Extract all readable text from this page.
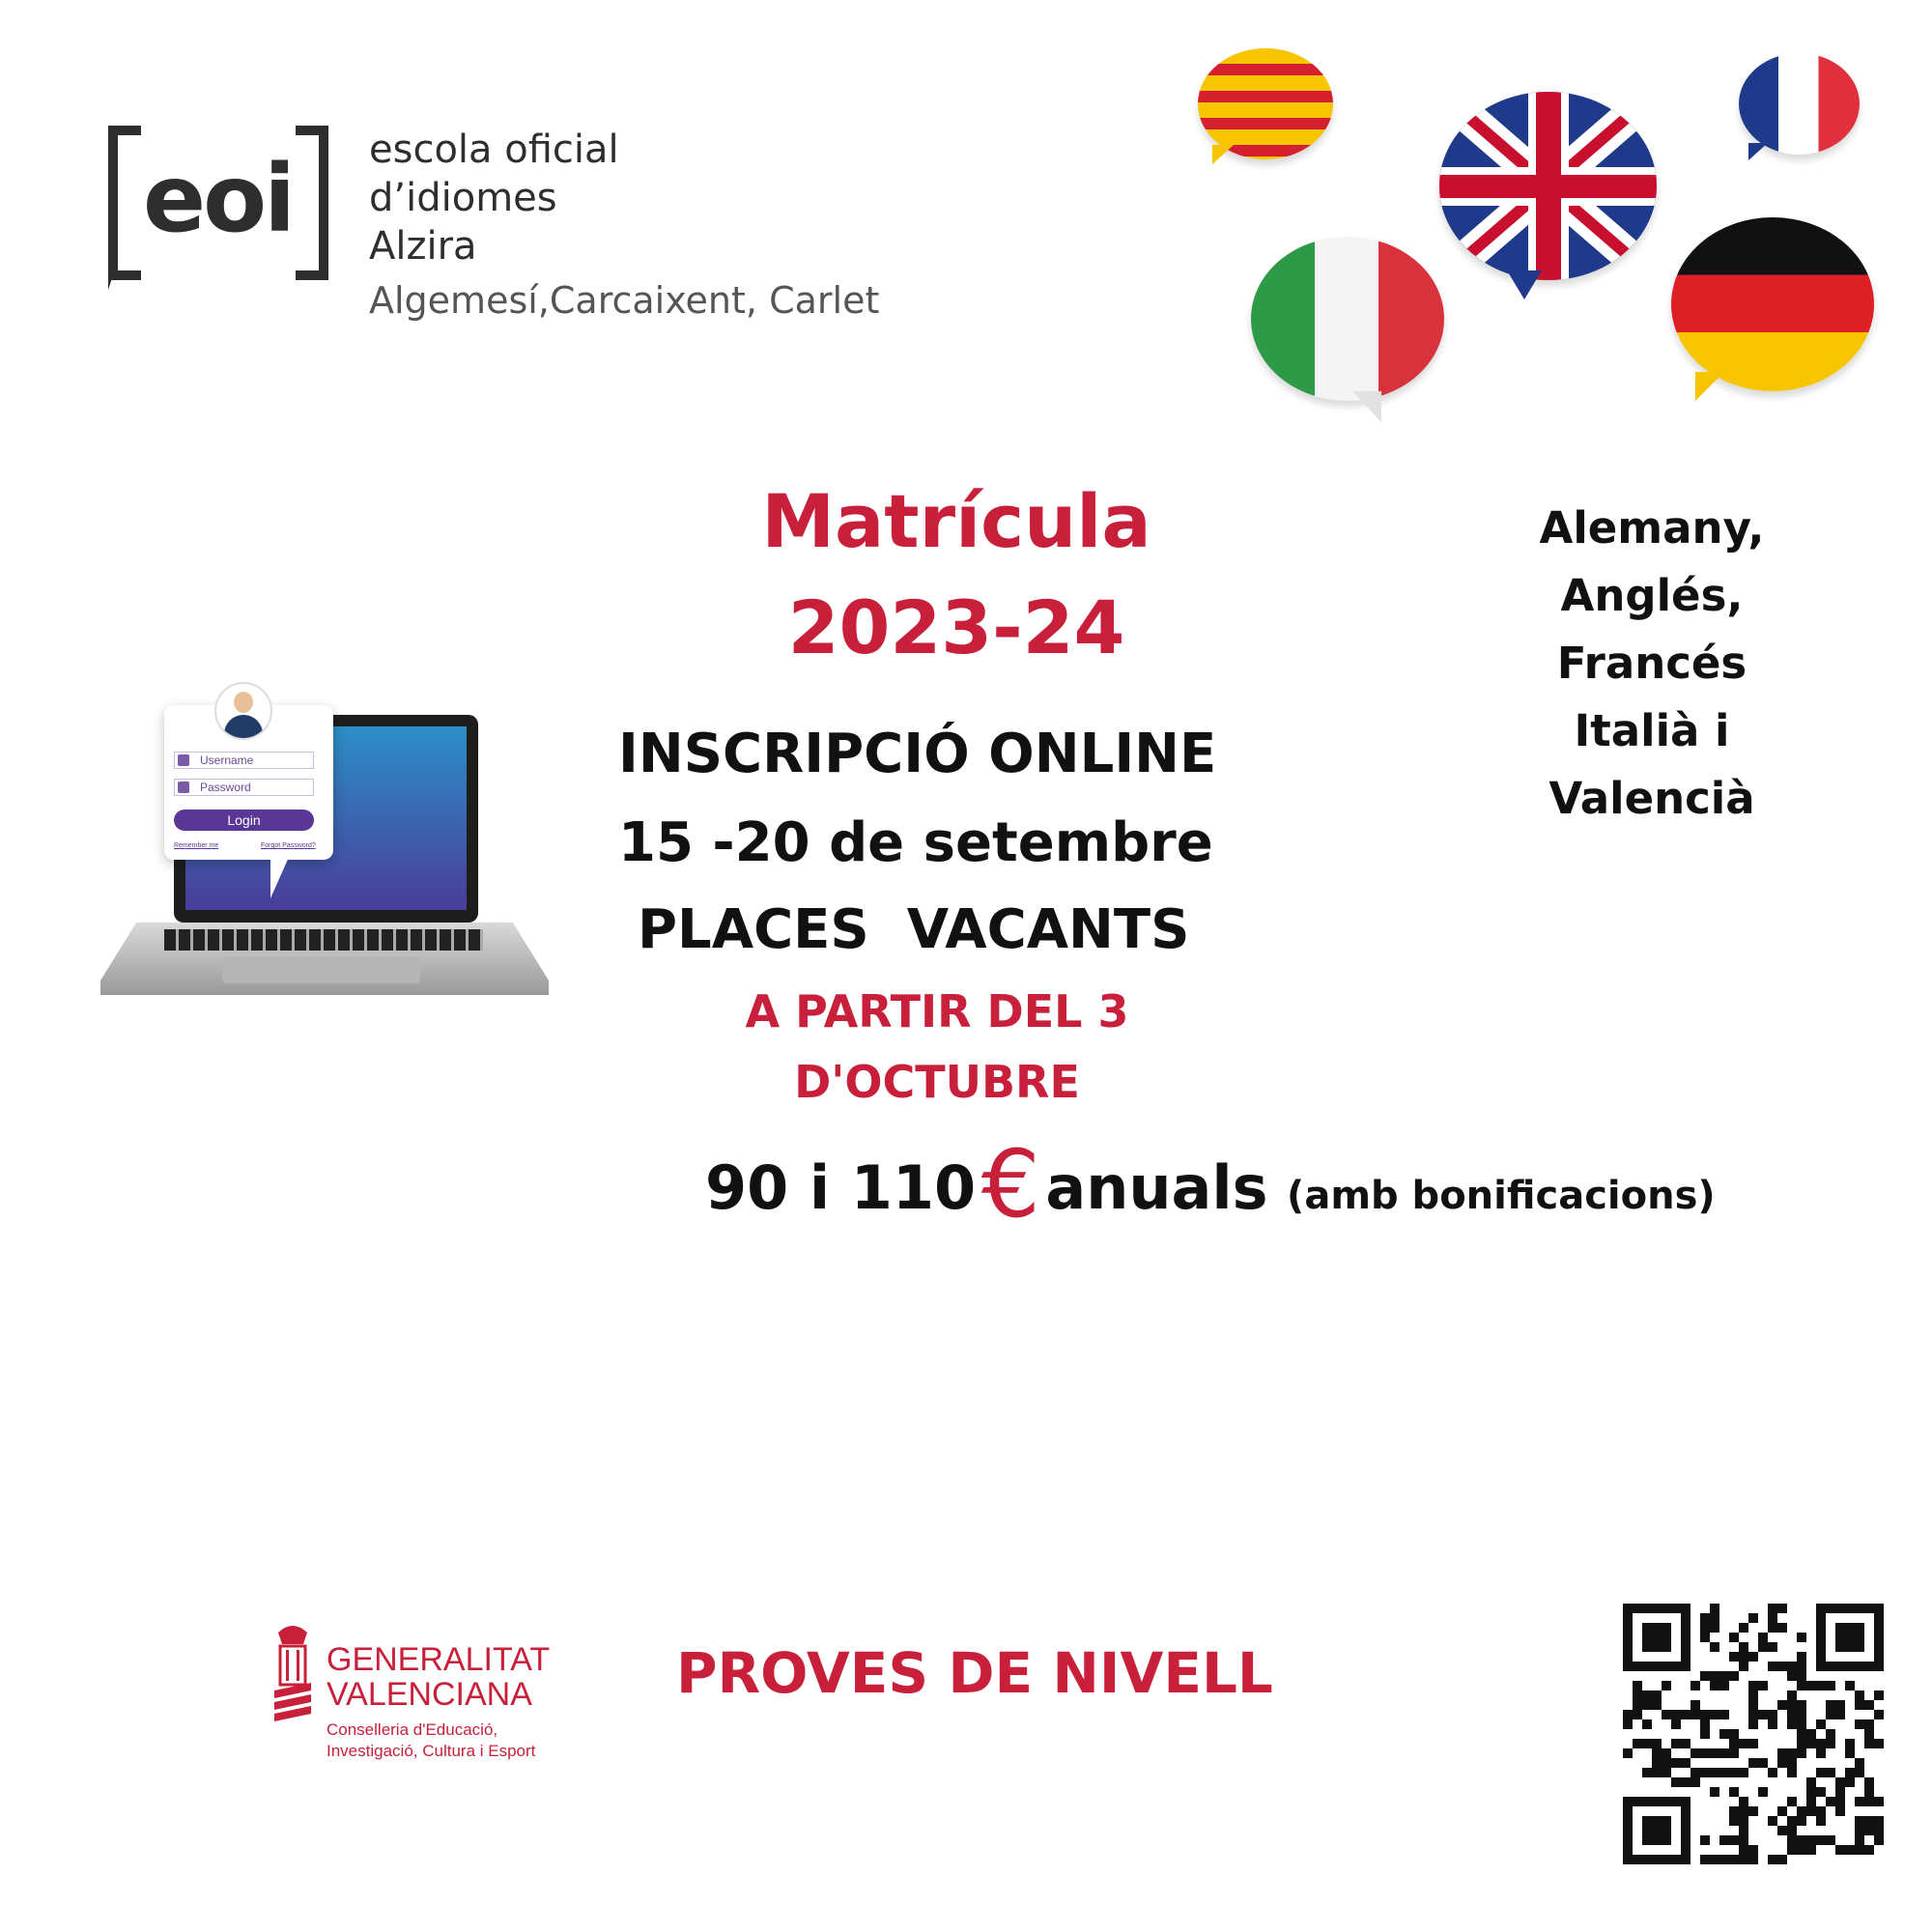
eoi escola oficial
d’idiomes
Alzira
Algemesí,Carcaixent, Carlet
Matrícula
2023-24
Alemany,
Anglés,
Francés
Italià i
Valencià
Username
Password
Login
Remember me	Forgot Password?
INSCRIPCIÓ ONLINE
15 -20 de setembre
PLACES  VACANTS
A PARTIR DEL 3
D'OCTUBRE
90 i 110 € anuals (amb bonificacions)
GENERALITAT
VALENCIANA
Conselleria d'Educació,
Investigació, Cultura i Esport
PROVES DE NIVELL
